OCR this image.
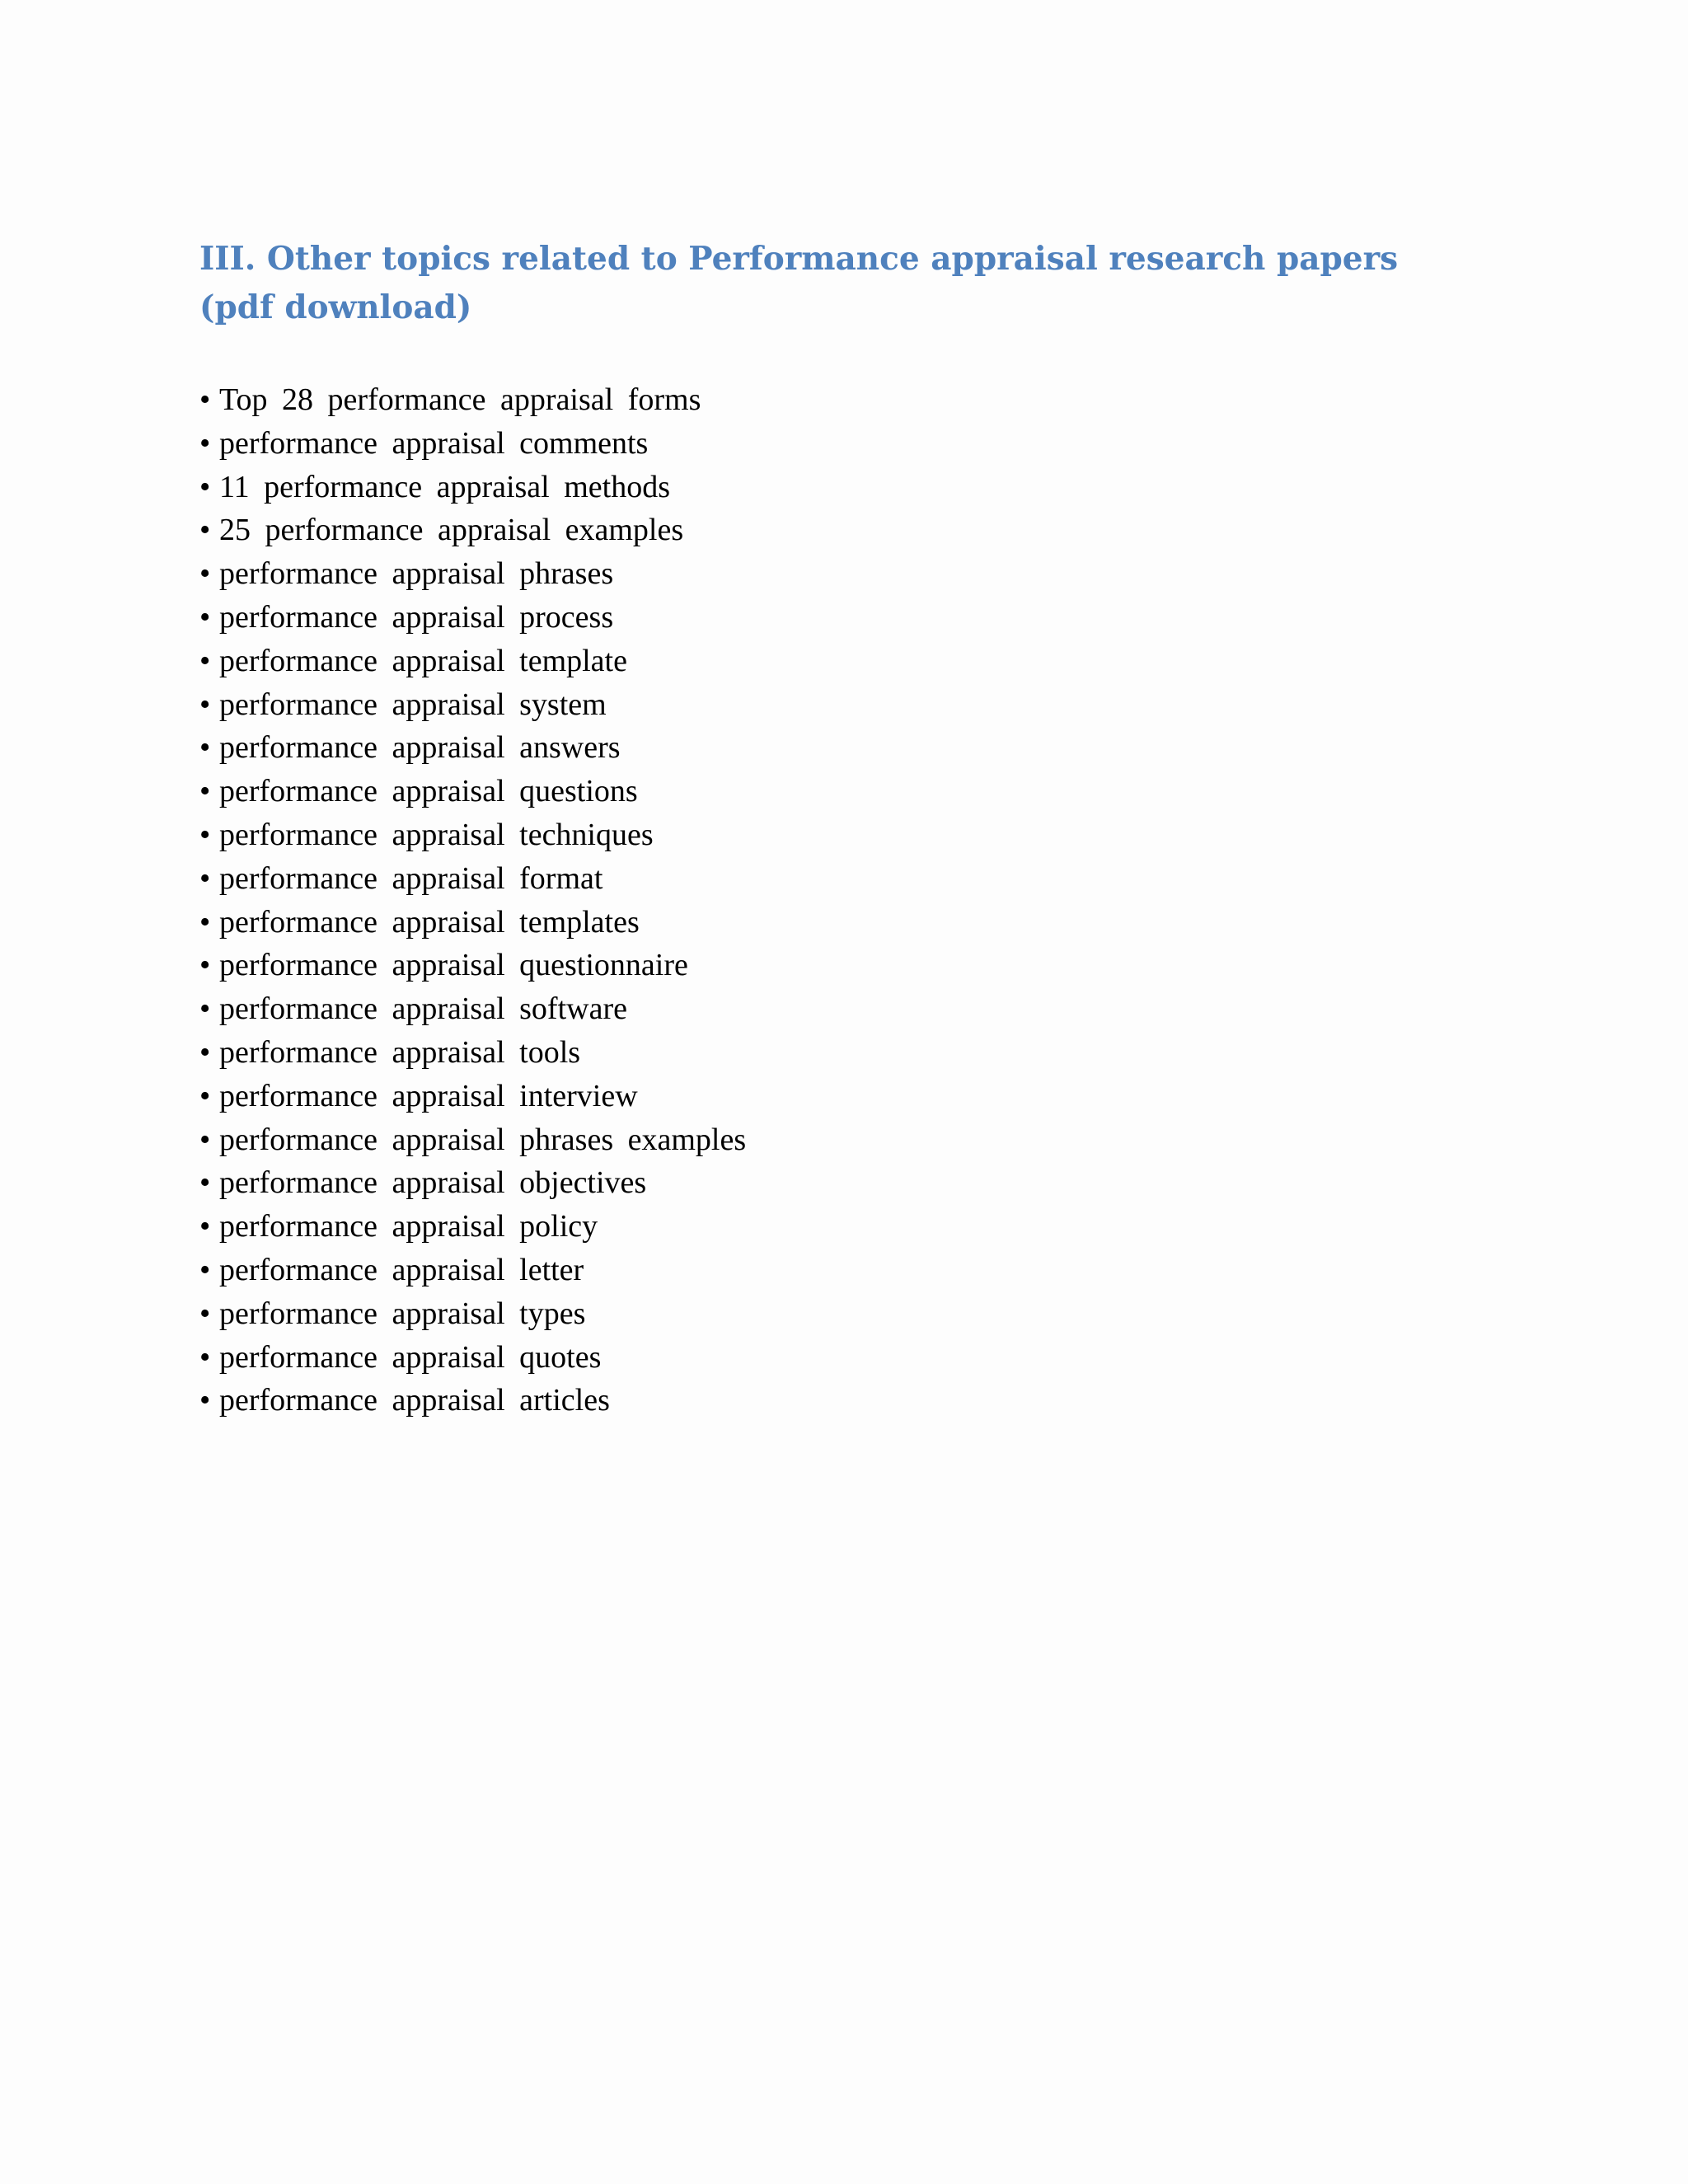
III. Other topics related to Performance appraisal research papers (pdf download)
• Top 28 performance appraisal forms
• performance appraisal comments
• 11 performance appraisal methods
• 25 performance appraisal examples
• performance appraisal phrases
• performance appraisal process
• performance appraisal template
• performance appraisal system
• performance appraisal answers
• performance appraisal questions
• performance appraisal techniques
• performance appraisal format
• performance appraisal templates
• performance appraisal questionnaire
• performance appraisal software
• performance appraisal tools
• performance appraisal interview
• performance appraisal phrases examples
• performance appraisal objectives
• performance appraisal policy
• performance appraisal letter
• performance appraisal types
• performance appraisal quotes
• performance appraisal articles
